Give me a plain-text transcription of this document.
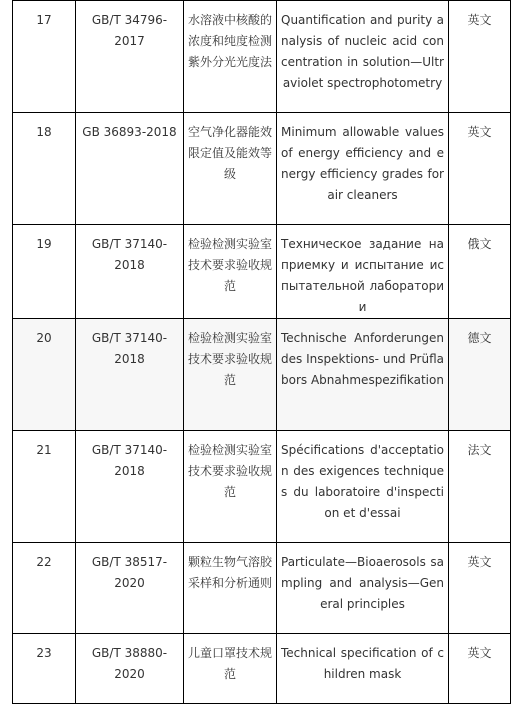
17	GB/T 34796-2017	水溶液中核酸的浓度和纯度检测紫外分光光度法	Quantification and purity analysis of nucleic acid concentration in solution—Ultraviolet spectrophotometry	英文
18	GB 36893-2018	空气净化器能效限定值及能效等级	Minimum allowable values of energy efficiency and energy efficiency grades for air cleaners	英文
19	GB/T 37140-2018	检验检测实验室技术要求验收规范	Техническое задание на приемку и испытание испытательной лаборатории	俄文
20	GB/T 37140-2018	检验检测实验室技术要求验收规范	Technische Anforderungen des Inspektions- und Prüflabors Abnahmespezifikation	德文
21	GB/T 37140-2018	检验检测实验室技术要求验收规范	Spécifications d'acceptation des exigences techniques du laboratoire d'inspection et d'essai	法文
22	GB/T 38517-2020	颗粒生物气溶胶采样和分析通则	Particulate—Bioaerosols sampling and analysis—General principles	英文
23	GB/T 38880-2020	儿童口罩技术规范	Technical specification of children mask	英文
